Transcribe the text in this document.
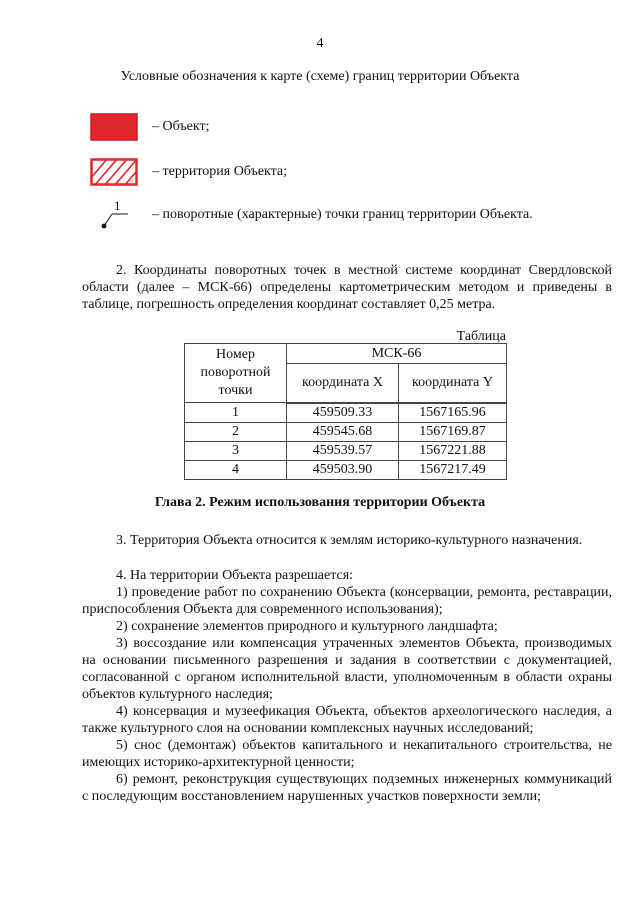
4
Условные обозначения к карте (схеме) границ территории Объекта
– Объект;
– территория Объекта;
1
– поворотные (характерные) точки границ территории Объекта.

2. Координаты поворотных точек в местной системе координат Свердловской области (далее – МСК-66) определены картометрическим методом и приведены в таблице, погрешность определения координат составляет 0,25 метра.

Таблица
Номер поворотной точки	МСК-66	
	координата X	координата Y
1	459509.33	1567165.96
2	459545.68	1567169.87
3	459539.57	1567221.88
4	459503.90	1567217.49
Глава 2. Режим использования территории Объекта

3. Территория Объекта относится к землям историко-культурного назначения.

4. На территории Объекта разрешается:

1) проведение работ по сохранению Объекта (консервации, ремонта, реставрации, приспособления Объекта для современного использования);
2) сохранение элементов природного и культурного ландшафта;
3) воссоздание или компенсация утраченных элементов Объекта, производимых на основании письменного разрешения и задания в соответствии с документацией, согласованной с органом исполнительной власти, уполномоченным в области охраны объектов культурного наследия;
4) консервация и музеефикация Объекта, объектов археологического наследия, а также культурного слоя на основании комплексных научных исследований;
5) снос (демонтаж) объектов капитального и некапитального строительства, не имеющих историко-архитектурной ценности;
6) ремонт, реконструкция существующих подземных инженерных коммуникаций с последующим восстановлением нарушенных участков поверхности земли;
